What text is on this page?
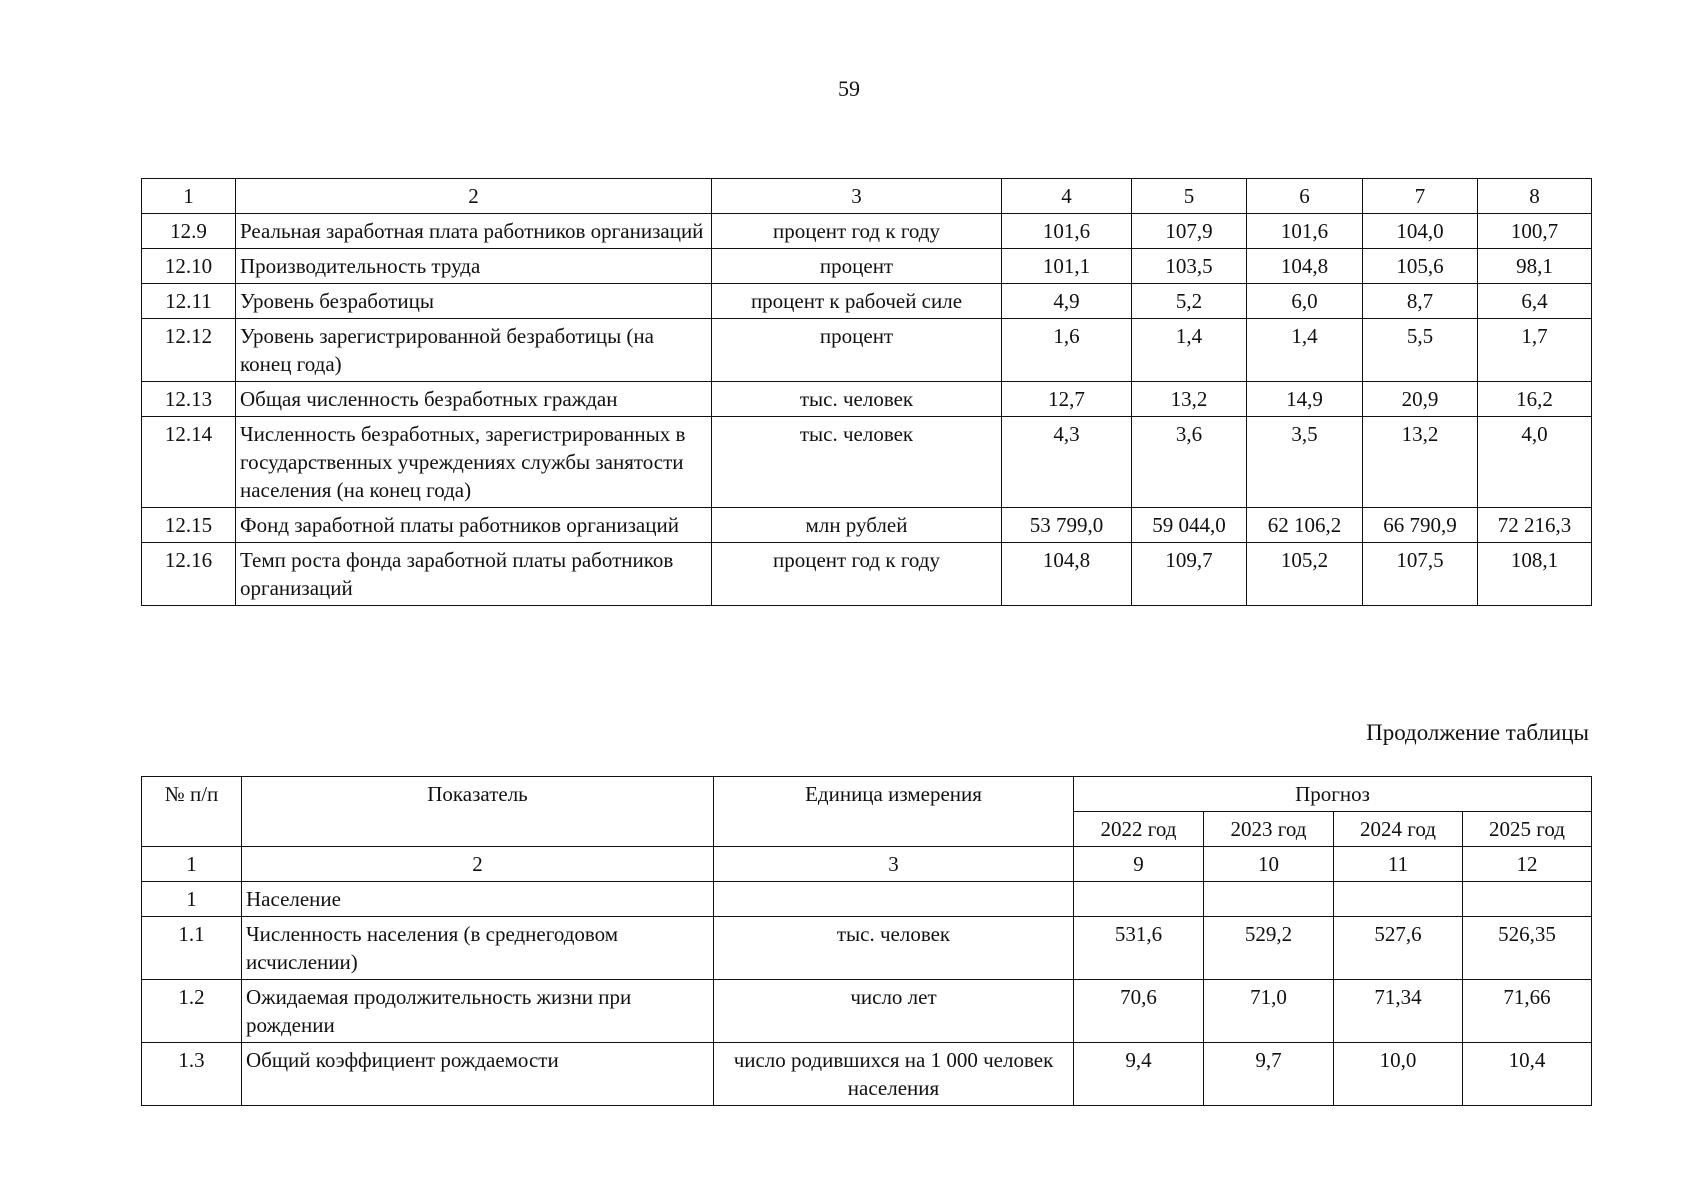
59
1	2	3	4	5	6	7	8
12.9	Реальная заработная плата работников организаций	процент год к году	101,6	107,9	101,6	104,0	100,7
12.10	Производительность труда	процент	101,1	103,5	104,8	105,6	98,1
12.11	Уровень безработицы	процент к рабочей силе	4,9	5,2	6,0	8,7	6,4
12.12	Уровень зарегистрированной безработицы (на конец года)	процент	1,6	1,4	1,4	5,5	1,7
12.13	Общая численность безработных граждан	тыс. человек	12,7	13,2	14,9	20,9	16,2
12.14	Численность безработных, зарегистрированных в государственных учреждениях службы занятости населения (на конец года)	тыс. человек	4,3	3,6	3,5	13,2	4,0
12.15	Фонд заработной платы работников организаций	млн рублей	53 799,0	59 044,0	62 106,2	66 790,9	72 216,3
12.16	Темп роста фонда заработной платы работников организаций	процент год к году	104,8	109,7	105,2	107,5	108,1
Продолжение таблицы
№ п/п	Показатель	Единица измерения	Прогноз			
			2022 год	2023 год	2024 год	2025 год
1	2	3	9	10	11	12
1	Население					
1.1	Численность населения (в среднегодовом исчислении)	тыс. человек	531,6	529,2	527,6	526,35
1.2	Ожидаемая продолжительность жизни при рождении	число лет	70,6	71,0	71,34	71,66
1.3	Общий коэффициент рождаемости	число родившихся на 1 000 человек населения	9,4	9,7	10,0	10,4
